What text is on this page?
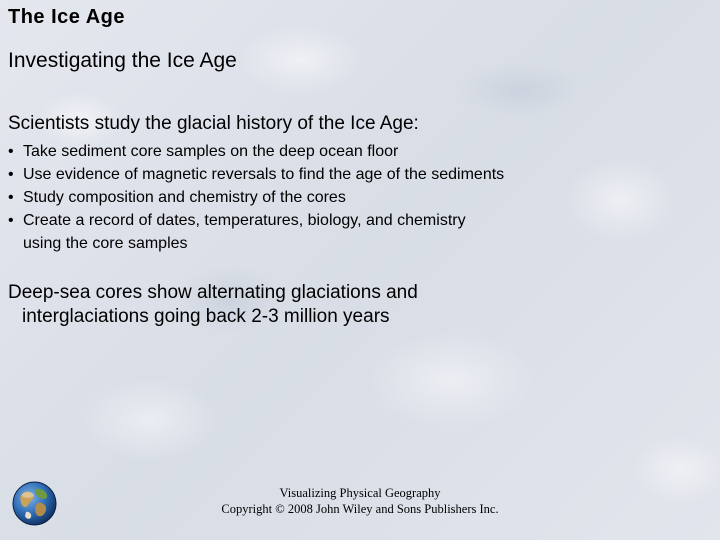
The Ice Age
Investigating the Ice Age
Scientists study the glacial history of the Ice Age:
• Take sediment core samples on the deep ocean floor
• Use evidence of magnetic reversals to find the age of the sediments
• Study composition and chemistry of the cores
• Create a record of dates, temperatures, biology, and chemistry
using the core samples
Deep-sea cores show alternating glaciations and
interglaciations going back 2-3 million years
Visualizing Physical Geography
Copyright © 2008 John Wiley and Sons Publishers Inc.
